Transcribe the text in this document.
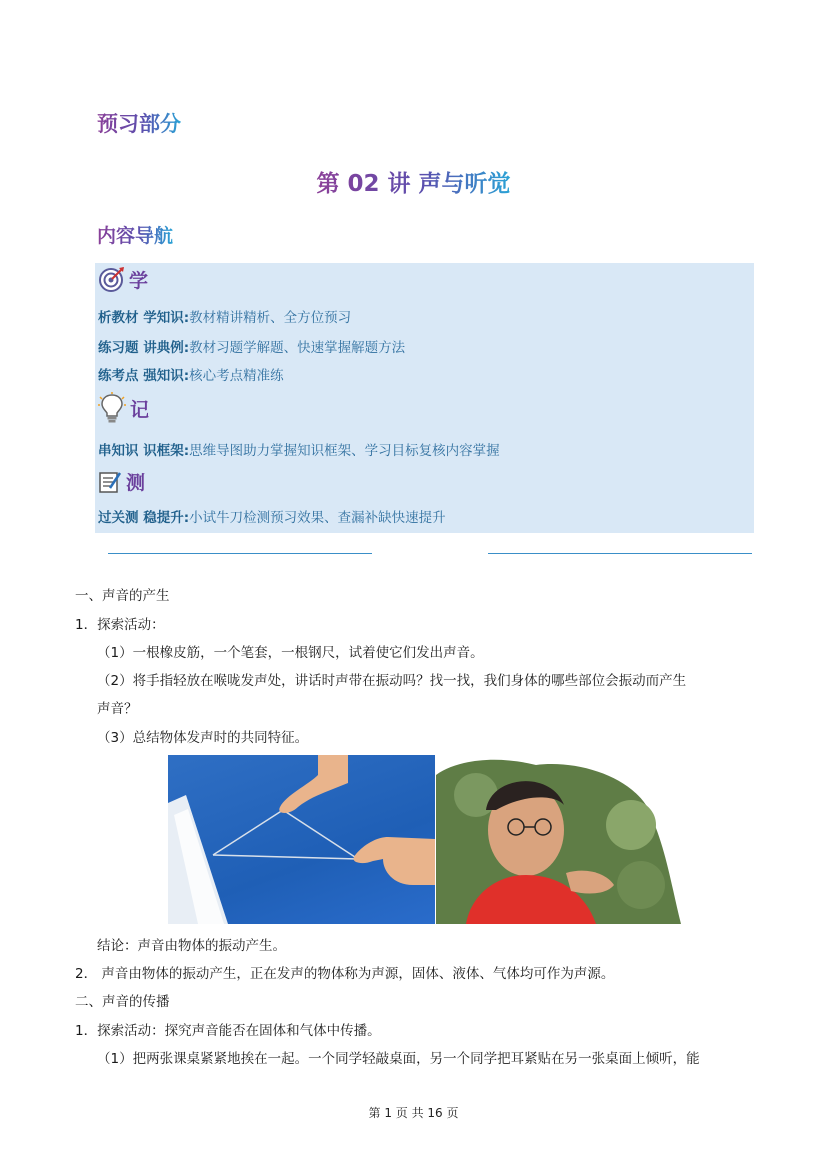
预习部分
第 02 讲 声与听觉
内容导航
学
析教材 学知识:教材精讲精析、全方位预习
练习题 讲典例:教材习题学解题、快速掌握解题方法
练考点 强知识:核心考点精准练
记
串知识 识框架:思维导图助力掌握知识框架、学习目标复核内容掌握
测
过关测 稳提升:小试牛刀检测预习效果、查漏补缺快速提升
一、声音的产生
1．探索活动：
（1）一根橡皮筋，一个笔套，一根钢尺，试着使它们发出声音。
（2）将手指轻放在喉咙发声处，讲话时声带在振动吗？找一找，我们身体的哪些部位会振动而产生
声音？
（3）总结物体发声时的共同特征。
结论：声音由物体的振动产生。
2． 声音由物体的振动产生，正在发声的物体称为声源，固体、液体、气体均可作为声源。
二、声音的传播
1．探索活动：探究声音能否在固体和气体中传播。
（1）把两张课桌紧紧地挨在一起。一个同学轻敲桌面，另一个同学把耳紧贴在另一张桌面上倾听，能
第 1 页 共 16 页
